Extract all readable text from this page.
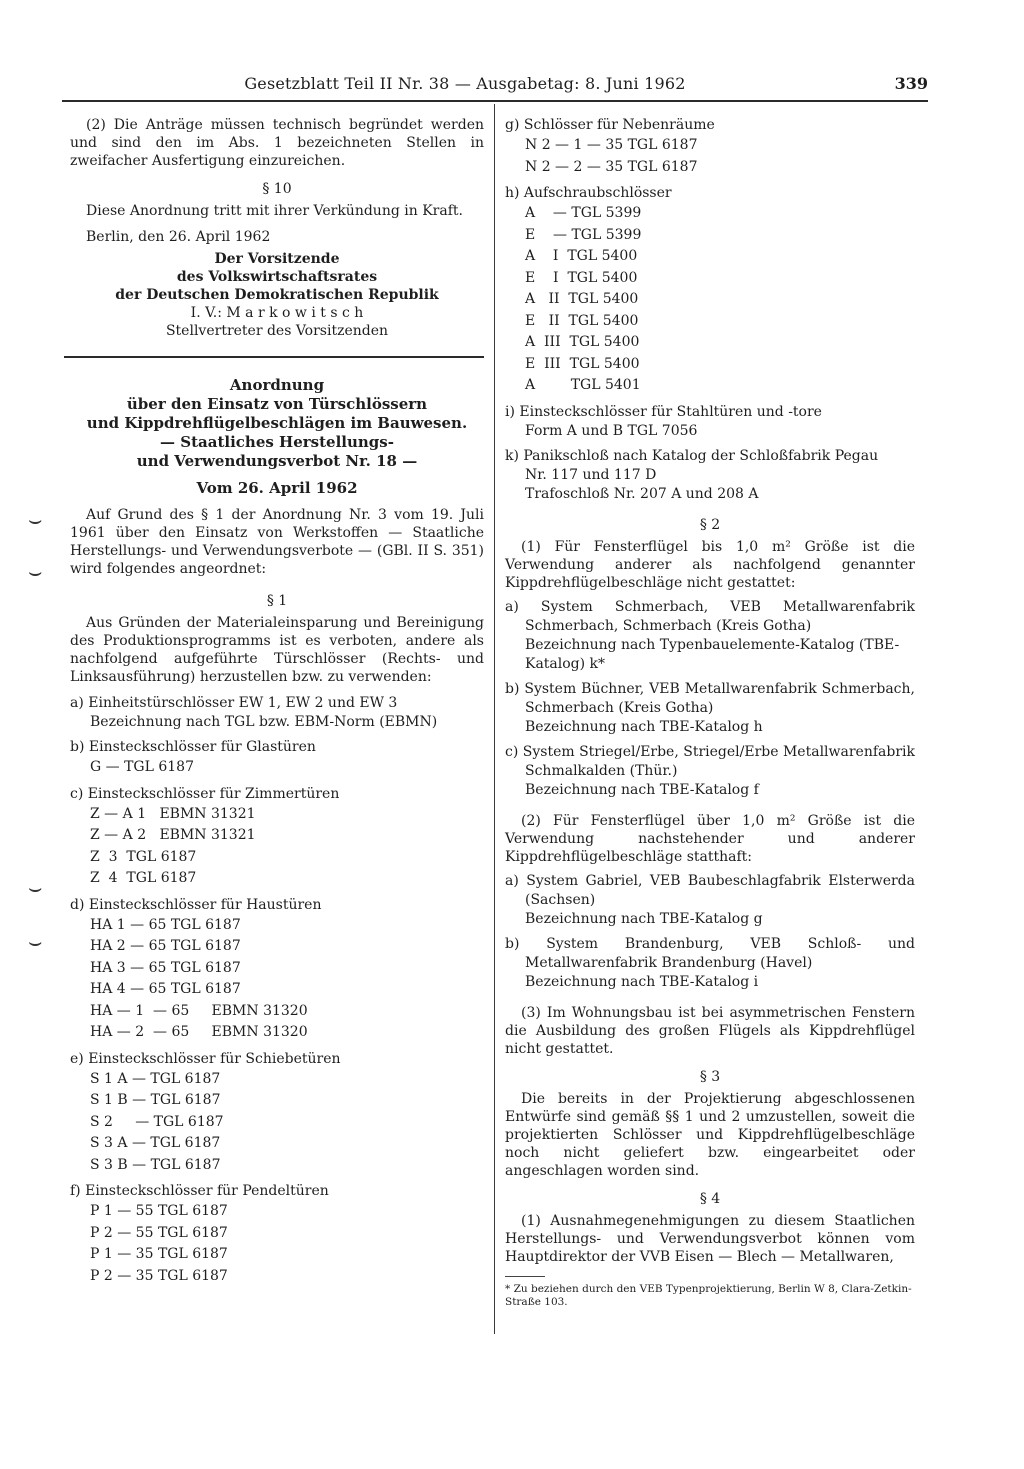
Gesetzblatt Teil II Nr. 38 — Ausgabetag: 8. Juni 1962	339
⌣
⌣
⌣
⌣

(2) Die Anträge müssen technisch begründet werden und sind den im Abs. 1 bezeichneten Stellen in zweifacher Ausfertigung einzureichen.

§ 10

Diese Anordnung tritt mit ihrer Verkündung in Kraft.

Berlin, den 26. April 1962

Der Vorsitzende

des Volkswirtschaftsrates

der Deutschen Demokratischen Republik

I. V.: M a r k o w i t s c h

Stellvertreter des Vorsitzenden

Anordnung

über den Einsatz von Türschlössern

und Kippdrehflügelbeschlägen im Bauwesen.

— Staatliches Herstellungs-

und Verwendungsverbot Nr. 18 —

Vom 26. April 1962

Auf Grund des § 1 der Anordnung Nr. 3 vom 19. Juli 1961 über den Einsatz von Werkstoffen — Staatliche Herstellungs- und Verwendungsverbote — (GBl. II S. 351) wird folgendes angeordnet:

§ 1

Aus Gründen der Materialeinsparung und Bereinigung des Produktionsprogramms ist es verboten, andere als nachfolgend aufgeführte Türschlösser (Rechts- und Linksausführung) herzustellen bzw. zu verwenden:

a) Einheitstürschlösser EW 1, EW 2 und EW 3

Bezeichnung nach TGL bzw. EBM-Norm (EBMN)

b) Einsteckschlösser für Glastüren

G — TGL 6187

c) Einsteckschlösser für Zimmertüren

Z — A 1   EBMN 31321
Z — A 2   EBMN 31321
Z  3  TGL 6187
Z  4  TGL 6187

d) Einsteckschlösser für Haustüren

HA 1 — 65 TGL 6187
HA 2 — 65 TGL 6187
HA 3 — 65 TGL 6187
HA 4 — 65 TGL 6187
HA — 1  — 65     EBMN 31320
HA — 2  — 65     EBMN 31320

e) Einsteckschlösser für Schiebetüren

S 1 A — TGL 6187
S 1 B — TGL 6187
S 2     — TGL 6187
S 3 A — TGL 6187
S 3 B — TGL 6187

f) Einsteckschlösser für Pendeltüren

P 1 — 55 TGL 6187
P 2 — 55 TGL 6187
P 1 — 35 TGL 6187
P 2 — 35 TGL 6187

g) Schlösser für Nebenräume

N 2 — 1 — 35 TGL 6187
N 2 — 2 — 35 TGL 6187

h) Aufschraubschlösser

A    — TGL 5399
E    — TGL 5399
A    I  TGL 5400
E    I  TGL 5400
A   II  TGL 5400
E   II  TGL 5400
A  III  TGL 5400
E  III  TGL 5400
A        TGL 5401

i) Einsteckschlösser für Stahltüren und -tore

Form A und B TGL 7056

k) Panikschloß nach Katalog der Schloßfabrik Pegau

Nr. 117 und 117 D

Trafoschloß Nr. 207 A und 208 A

§ 2

(1) Für Fensterflügel bis 1,0 m² Größe ist die Verwendung anderer als nachfolgend genannter Kippdrehflügelbeschläge nicht gestattet:

a) System Schmerbach, VEB Metallwarenfabrik Schmerbach, Schmerbach (Kreis Gotha)

Bezeichnung nach Typenbauelemente-Katalog (TBE-Katalog) k*

b) System Büchner, VEB Metallwarenfabrik Schmerbach, Schmerbach (Kreis Gotha)

Bezeichnung nach TBE-Katalog h

c) System Striegel/Erbe, Striegel/Erbe Metallwarenfabrik Schmalkalden (Thür.)

Bezeichnung nach TBE-Katalog f

(2) Für Fensterflügel über 1,0 m² Größe ist die Verwendung nachstehender und anderer Kippdrehflügelbeschläge statthaft:

a) System Gabriel, VEB Baubeschlagfabrik Elsterwerda (Sachsen)

Bezeichnung nach TBE-Katalog g

b) System Brandenburg, VEB Schloß- und Metallwarenfabrik Brandenburg (Havel)

Bezeichnung nach TBE-Katalog i

(3) Im Wohnungsbau ist bei asymmetrischen Fenstern die Ausbildung des großen Flügels als Kippdrehflügel nicht gestattet.

§ 3

Die bereits in der Projektierung abgeschlossenen Entwürfe sind gemäß §§ 1 und 2 umzustellen, soweit die projektierten Schlösser und Kippdrehflügelbeschläge noch nicht geliefert bzw. eingearbeitet oder angeschlagen worden sind.

§ 4

(1) Ausnahmegenehmigungen zu diesem Staatlichen Herstellungs- und Verwendungsverbot können vom Hauptdirektor der VVB Eisen — Blech — Metallwaren,

* Zu beziehen durch den VEB Typenprojektierung, Berlin W 8, Clara-Zetkin-Straße 103.
